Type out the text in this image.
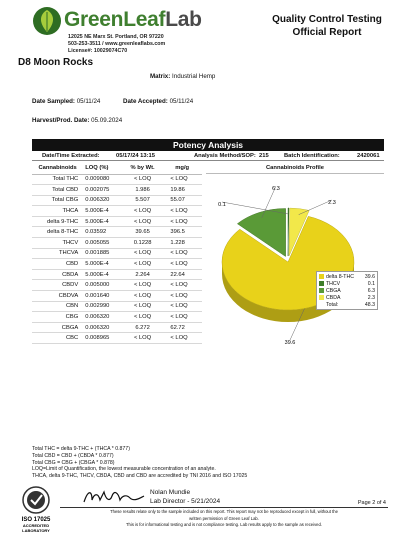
GreenLeafLab
12025 NE Marx St. Portland, OR 97220
503-253-3511 / www.greenleaflabs.com
License#: 10029074C70
Quality Control Testing
Official Report
D8 Moon Rocks
Matrix: Industrial Hemp
Date Sampled: 05/11/24	Date Accepted: 05/11/24
Harvest/Prod. Date: 05.09.2024
Potency Analysis
Date/Time Extracted:	05/17/24 13:15	Analysis Method/SOP: 215	Batch Identification:	2420061
Cannabinoids	LOQ (%)	% by Wt.	mg/g
Total THC	0.009080	< LOQ	< LOQ
Total CBD	0.002075	1.986	19.86
Total CBG	0.006320	5.507	55.07
THCA	5.000E-4	< LOQ	< LOQ
delta 9-THC	5.000E-4	< LOQ	< LOQ
delta 8-THC	0.03592	39.65	396.5
THCV	0.005055	0.1228	1.228
THCVA	0.001885	< LOQ	< LOQ
CBD	5.000E-4	< LOQ	< LOQ
CBDA	5.000E-4	2.264	22.64
CBDV	0.005000	< LOQ	< LOQ
CBDVA	0.001640	< LOQ	< LOQ
CBN	0.002990	< LOQ	< LOQ
CBG	0.006320	< LOQ	< LOQ
CBGA	0.006320	6.272	62.72
CBC	0.008965	< LOQ	< LOQ
Cannabinoids Profile
6.3
0.1	2.3
39.6
delta 8-THC	39.6
THCV	0.1
CBGA	6.3
CBDA	2.3
Total:	48.3
Total THC = delta 9-THC + (THCA * 0.877)
Total CBD = CBD + (CBDA * 0.877)
Total CBG = CBG + (CBGA * 0.878)
LOQ=Limit of Quantification, the lowest measurable concentration of an analyte.
THCA, delta 9-THC, THCV, CBDA, CBD and CBD are accredited by TNI 2016 and ISO 17025
ISO 17025
ACCREDITED
LABORATORY
Nolan Mundie
Lab Director - 5/21/2024	Page 2 of 4
These results relate only to the sample included on this report. This report may not be reproduced except in full, without the
written permission of Green Leaf Lab.
This is for informational testing and is not compliance testing. Lab results apply to the sample as received.
